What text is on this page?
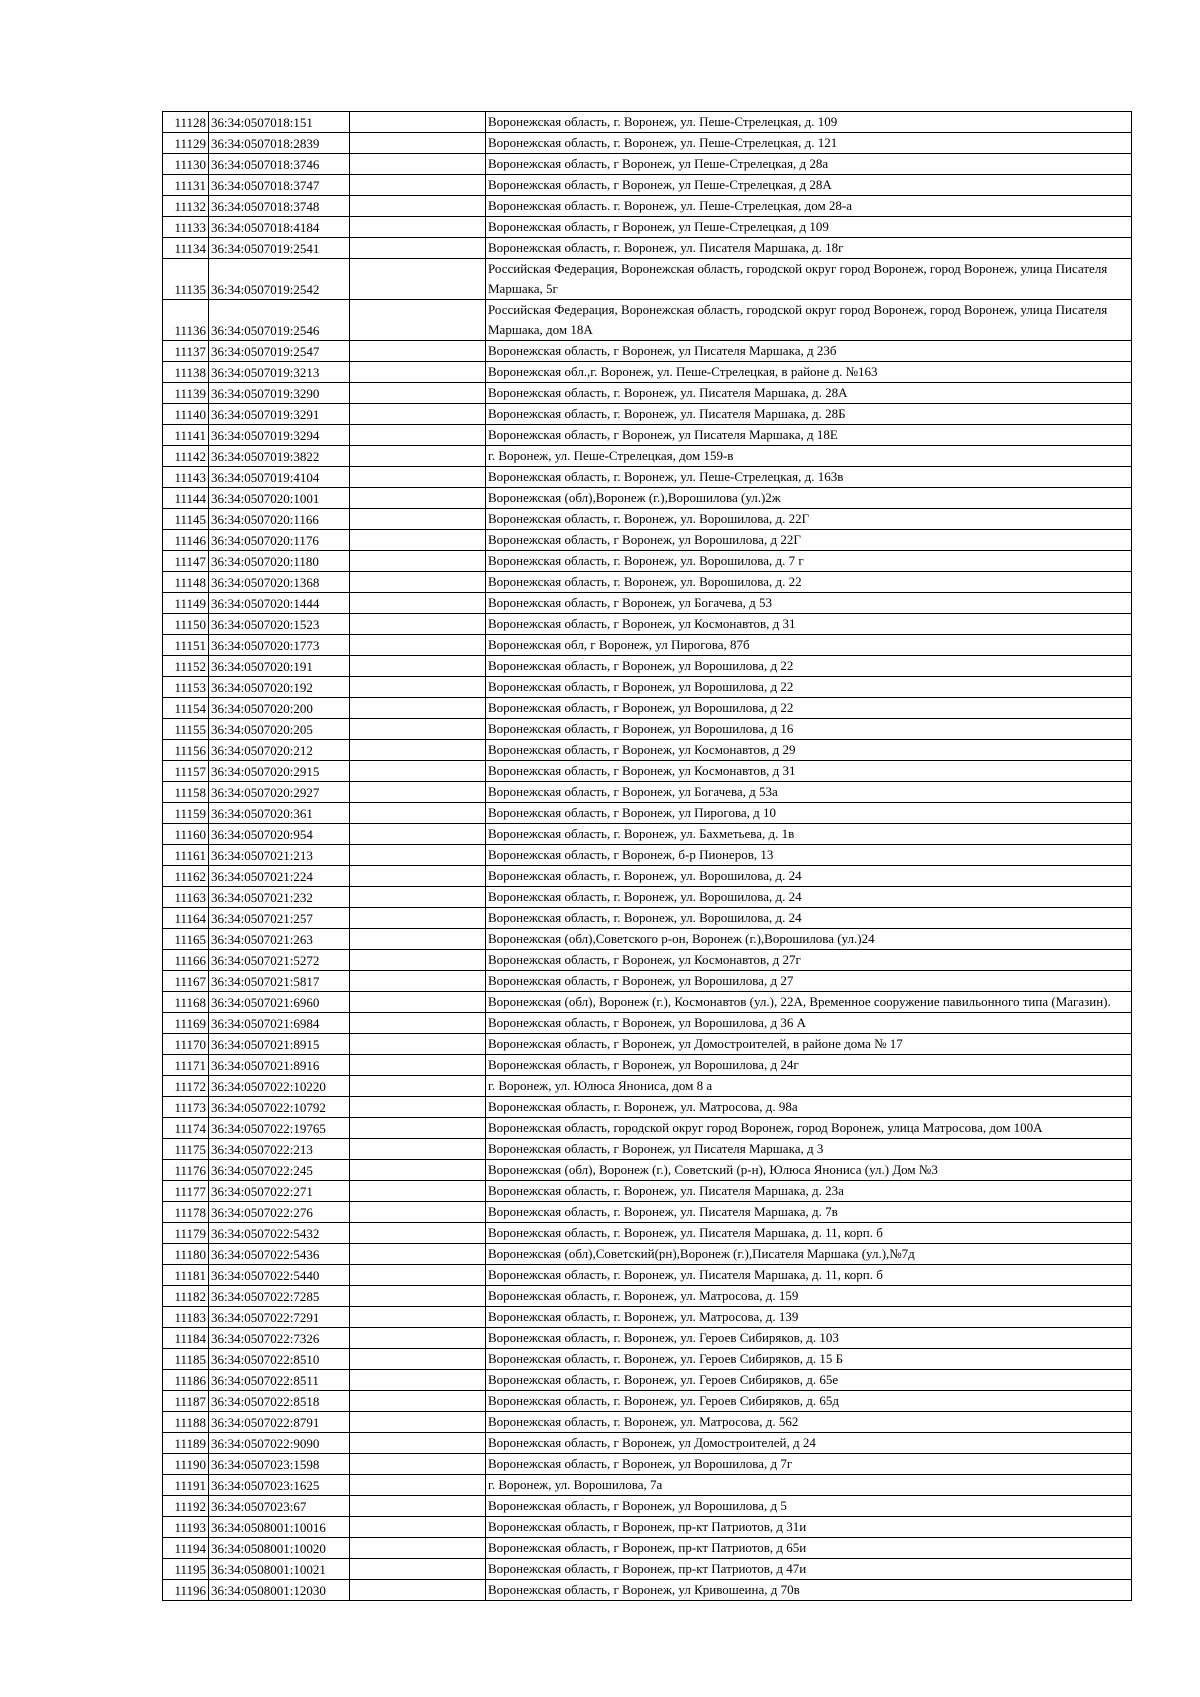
11128	36:34:0507018:151		Воронежская область, г. Воронеж, ул. Пеше-Стрелецкая, д. 109
11129	36:34:0507018:2839		Воронежская область, г. Воронеж, ул. Пеше-Стрелецкая, д. 121
11130	36:34:0507018:3746		Воронежская область, г Воронеж, ул Пеше-Стрелецкая, д 28а
11131	36:34:0507018:3747		Воронежская область, г Воронеж, ул Пеше-Стрелецкая, д 28А
11132	36:34:0507018:3748		Воронежская область. г. Воронеж, ул. Пеше-Стрелецкая, дом 28-а
11133	36:34:0507018:4184		Воронежская область, г Воронеж, ул Пеше-Стрелецкая, д 109
11134	36:34:0507019:2541		Воронежская область, г. Воронеж, ул. Писателя Маршака, д. 18г
11135	36:34:0507019:2542		Российская Федерация, Воронежская область, городской округ город Воронеж, город Воронеж, улица Писателя Маршака, 5г
11136	36:34:0507019:2546		Российская Федерация, Воронежская область, городской округ город Воронеж, город Воронеж, улица Писателя Маршака, дом 18А
11137	36:34:0507019:2547		Воронежская область, г Воронеж, ул Писателя Маршака, д 23б
11138	36:34:0507019:3213		Воронежская обл.,г. Воронеж, ул. Пеше-Стрелецкая, в районе д. №163
11139	36:34:0507019:3290		Воронежская область, г. Воронеж, ул. Писателя Маршака, д. 28А
11140	36:34:0507019:3291		Воронежская область, г. Воронеж, ул. Писателя Маршака, д. 28Б
11141	36:34:0507019:3294		Воронежская область, г Воронеж, ул Писателя Маршака, д 18Е
11142	36:34:0507019:3822		г. Воронеж, ул. Пеше-Стрелецкая, дом 159-в
11143	36:34:0507019:4104		Воронежская область, г. Воронеж, ул. Пеше-Стрелецкая, д. 163в
11144	36:34:0507020:1001		Воронежская (обл),Воронеж (г.),Ворошилова (ул.)2ж
11145	36:34:0507020:1166		Воронежская область, г. Воронеж, ул. Ворошилова, д. 22Г
11146	36:34:0507020:1176		Воронежская область, г Воронеж, ул Ворошилова, д 22Г
11147	36:34:0507020:1180		Воронежская область, г. Воронеж, ул. Ворошилова, д. 7 г
11148	36:34:0507020:1368		Воронежская область, г. Воронеж, ул. Ворошилова, д. 22
11149	36:34:0507020:1444		Воронежская область, г Воронеж, ул Богачева, д 53
11150	36:34:0507020:1523		Воронежская область, г Воронеж, ул Космонавтов, д 31
11151	36:34:0507020:1773		Воронежская обл, г Воронеж, ул Пирогова, 87б
11152	36:34:0507020:191		Воронежская область, г Воронеж, ул Ворошилова, д 22
11153	36:34:0507020:192		Воронежская область, г Воронеж, ул Ворошилова, д 22
11154	36:34:0507020:200		Воронежская область, г Воронеж, ул Ворошилова, д 22
11155	36:34:0507020:205		Воронежская область, г Воронеж, ул Ворошилова, д 16
11156	36:34:0507020:212		Воронежская область, г Воронеж, ул Космонавтов, д 29
11157	36:34:0507020:2915		Воронежская область, г Воронеж, ул Космонавтов, д 31
11158	36:34:0507020:2927		Воронежская область, г Воронеж, ул Богачева, д 53а
11159	36:34:0507020:361		Воронежская область, г Воронеж, ул Пирогова, д 10
11160	36:34:0507020:954		Воронежская область, г. Воронеж, ул. Бахметьева, д. 1в
11161	36:34:0507021:213		Воронежская область, г Воронеж, б-р Пионеров, 13
11162	36:34:0507021:224		Воронежская область, г. Воронеж, ул. Ворошилова, д. 24
11163	36:34:0507021:232		Воронежская область, г. Воронеж, ул. Ворошилова, д. 24
11164	36:34:0507021:257		Воронежская область, г. Воронеж, ул. Ворошилова, д. 24
11165	36:34:0507021:263		Воронежская (обл),Советского р-он, Воронеж (г.),Ворошилова (ул.)24
11166	36:34:0507021:5272		Воронежская область, г Воронеж, ул Космонавтов, д 27г
11167	36:34:0507021:5817		Воронежская область, г Воронеж, ул Ворошилова, д 27
11168	36:34:0507021:6960		Воронежская (обл), Воронеж (г.), Космонавтов (ул.), 22А, Временное сооружение павильонного типа (Магазин).
11169	36:34:0507021:6984		Воронежская область, г Воронеж, ул Ворошилова, д 36 А
11170	36:34:0507021:8915		Воронежская область, г Воронеж, ул Домостроителей, в районе дома № 17
11171	36:34:0507021:8916		Воронежская область, г Воронеж, ул Ворошилова, д 24г
11172	36:34:0507022:10220		г. Воронеж, ул. Юлюса Янониса, дом 8 а
11173	36:34:0507022:10792		Воронежская область, г. Воронеж, ул. Матросова, д. 98а
11174	36:34:0507022:19765		Воронежская область, городской округ город Воронеж, город Воронеж, улица Матросова, дом 100А
11175	36:34:0507022:213		Воронежская область, г Воронеж, ул Писателя Маршака, д 3
11176	36:34:0507022:245		Воронежская (обл), Воронеж (г.), Советский (р-н), Юлюса Янониса (ул.) Дом №3
11177	36:34:0507022:271		Воронежская область, г. Воронеж, ул. Писателя Маршака, д. 23а
11178	36:34:0507022:276		Воронежская область, г. Воронеж, ул. Писателя Маршака, д. 7в
11179	36:34:0507022:5432		Воронежская область, г. Воронеж, ул. Писателя Маршака, д. 11, корп. б
11180	36:34:0507022:5436		Воронежская (обл),Советский(рн),Воронеж (г.),Писателя Маршака (ул.),№7д
11181	36:34:0507022:5440		Воронежская область, г. Воронеж, ул. Писателя Маршака, д. 11, корп. б
11182	36:34:0507022:7285		Воронежская область, г. Воронеж, ул. Матросова, д. 159
11183	36:34:0507022:7291		Воронежская область, г. Воронеж, ул. Матросова, д. 139
11184	36:34:0507022:7326		Воронежская область, г. Воронеж, ул. Героев Сибиряков, д. 103
11185	36:34:0507022:8510		Воронежская область, г. Воронеж, ул. Героев Сибиряков, д. 15 Б
11186	36:34:0507022:8511		Воронежская область, г. Воронеж, ул. Героев Сибиряков, д. 65е
11187	36:34:0507022:8518		Воронежская область, г. Воронеж, ул. Героев Сибиряков, д. 65д
11188	36:34:0507022:8791		Воронежская область, г. Воронеж, ул. Матросова, д. 562
11189	36:34:0507022:9090		Воронежская область, г Воронеж, ул Домостроителей, д 24
11190	36:34:0507023:1598		Воронежская область, г Воронеж, ул Ворошилова, д 7г
11191	36:34:0507023:1625		г. Воронеж, ул. Ворошилова, 7а
11192	36:34:0507023:67		Воронежская область, г Воронеж, ул Ворошилова, д 5
11193	36:34:0508001:10016		Воронежская область, г Воронеж, пр-кт Патриотов, д 31и
11194	36:34:0508001:10020		Воронежская область, г Воронеж, пр-кт Патриотов, д 65и
11195	36:34:0508001:10021		Воронежская область, г Воронеж, пр-кт Патриотов, д 47и
11196	36:34:0508001:12030		Воронежская область, г Воронеж, ул Кривошеина, д 70в
